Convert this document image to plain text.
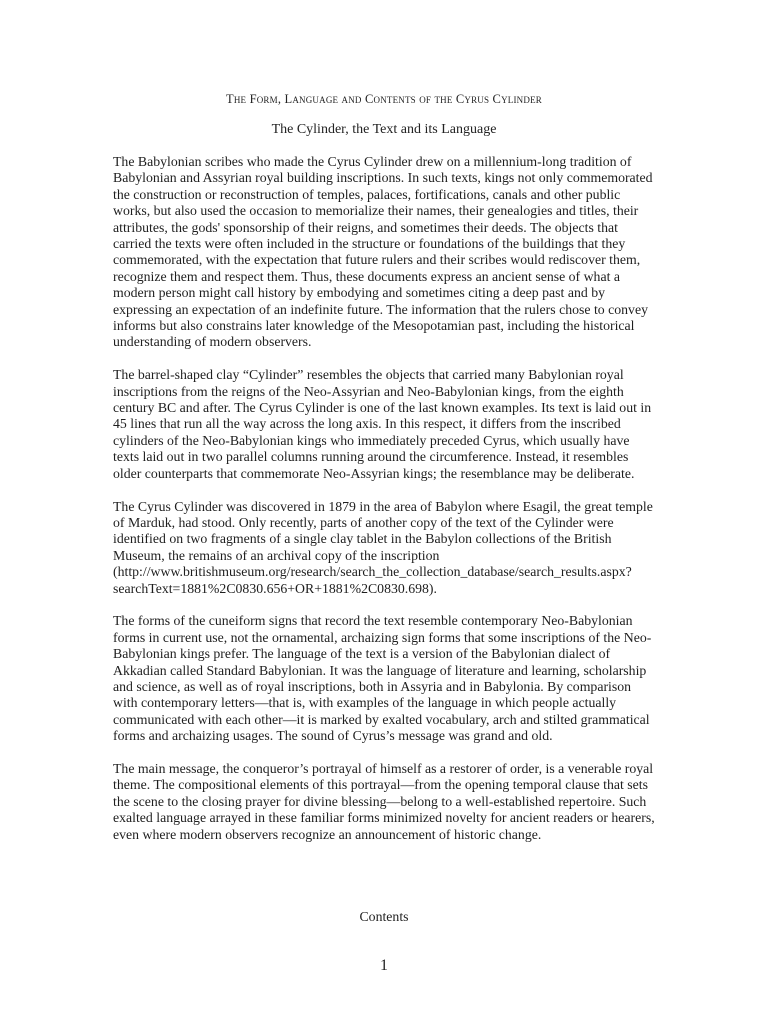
The Form, Language and Contents of the Cyrus Cylinder
The Cylinder, the Text and its Language

The Babylonian scribes who made the Cyrus Cylinder drew on a millennium-long tradition of Babylonian and Assyrian royal building inscriptions. In such texts, kings not only commemorated the construction or reconstruction of temples, palaces, fortifications, canals and other public works, but also used the occasion to memorialize their names, their genealogies and titles, their attributes, the gods' sponsorship of their reigns, and sometimes their deeds. The objects that carried the texts were often included in the structure or foundations of the buildings that they commemorated, with the expectation that future rulers and their scribes would rediscover them, recognize them and respect them. Thus, these documents express an ancient sense of what a modern person might call history by embodying and sometimes citing a deep past and by expressing an expectation of an indefinite future. The information that the rulers chose to convey informs but also constrains later knowledge of the Mesopotamian past, including the historical understanding of modern observers.

The barrel-shaped clay “Cylinder” resembles the objects that carried many Babylonian royal inscriptions from the reigns of the Neo-Assyrian and Neo-Babylonian kings, from the eighth century BC and after. The Cyrus Cylinder is one of the last known examples. Its text is laid out in 45 lines that run all the way across the long axis. In this respect, it differs from the inscribed cylinders of the Neo-Babylonian kings who immediately preceded Cyrus, which usually have texts laid out in two parallel columns running around the circumference. Instead, it resembles older counterparts that commemorate Neo-Assyrian kings; the resemblance may be deliberate.

The Cyrus Cylinder was discovered in 1879 in the area of Babylon where Esagil, the great temple of Marduk, had stood. Only recently, parts of another copy of the text of the Cylinder were identified on two fragments of a single clay tablet in the Babylon collections of the British Museum, the remains of an archival copy of the inscription (http://www.britishmuseum.org/research/search_the_collection_database/search_results.aspx?searchText=1881%2C0830.656+OR+1881%2C0830.698).

The forms of the cuneiform signs that record the text resemble contemporary Neo-Babylonian forms in current use, not the ornamental, archaizing sign forms that some inscriptions of the Neo-Babylonian kings prefer. The language of the text is a version of the Babylonian dialect of Akkadian called Standard Babylonian. It was the language of literature and learning, scholarship and science, as well as of royal inscriptions, both in Assyria and in Babylonia. By comparison with contemporary letters—that is, with examples of the language in which people actually communicated with each other—it is marked by exalted vocabulary, arch and stilted grammatical forms and archaizing usages. The sound of Cyrus’s message was grand and old.

The main message, the conqueror’s portrayal of himself as a restorer of order, is a venerable royal theme. The compositional elements of this portrayal—from the opening temporal clause that sets the scene to the closing prayer for divine blessing—belong to a well-established repertoire. Such exalted language arrayed in these familiar forms minimized novelty for ancient readers or hearers, even where modern observers recognize an announcement of historic change.

Contents
1
